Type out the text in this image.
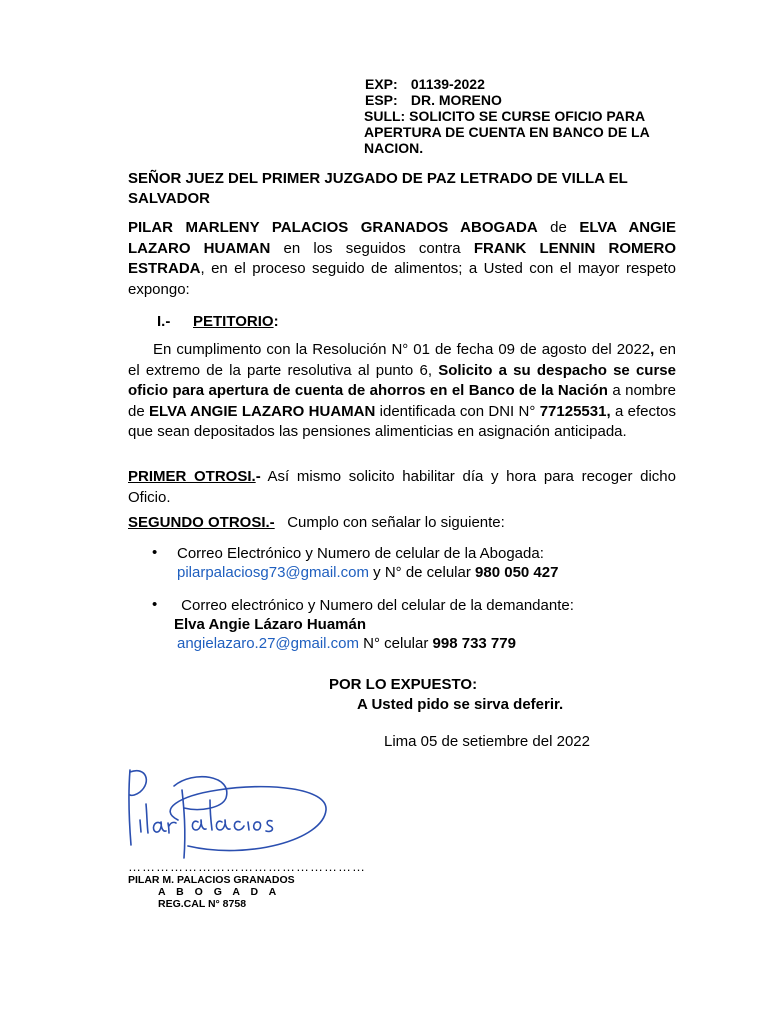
EXP: 01139-2022
ESP: DR. MORENO
SULL: SOLICITO SE CURSE OFICIO PARA
APERTURA DE CUENTA EN BANCO DE LA
NACION.
SEÑOR JUEZ DEL PRIMER JUZGADO DE PAZ LETRADO DE VILLA EL SALVADOR
PILAR MARLENY PALACIOS GRANADOS ABOGADA de ELVA ANGIE LAZARO HUAMAN en los seguidos contra FRANK LENNIN ROMERO ESTRADA, en el proceso seguido de alimentos; a Usted con el mayor respeto expongo:
I.- PETITORIO:
En cumplimento con la Resolución N° 01 de fecha 09 de agosto del 2022, en el extremo de la parte resolutiva al punto 6, Solicito a su despacho se curse oficio para apertura de cuenta de ahorros en el Banco de la Nación a nombre de ELVA ANGIE LAZARO HUAMAN identificada con DNI N° 77125531, a efectos que sean depositados las pensiones alimenticias en asignación anticipada.
PRIMER OTROSI.- Así mismo solicito habilitar día y hora para recoger dicho Oficio.
SEGUNDO OTROSI.-   Cumplo con señalar lo siguiente:
• Correo Electrónico y Numero de celular de la Abogada:
pilarpalaciosg73@gmail.com y N° de celular 980 050 427
• Correo electrónico y Numero del celular de la demandante:
Elva Angie Lázaro Huamán
angielazaro.27@gmail.com N° celular 998 733 779
POR LO EXPUESTO:
A Usted pido se sirva deferir.
Lima 05 de setiembre del 2022
……………………………………………
PILAR M. PALACIOS GRANADOS
A B O G A D A
REG.CAL N° 8758
